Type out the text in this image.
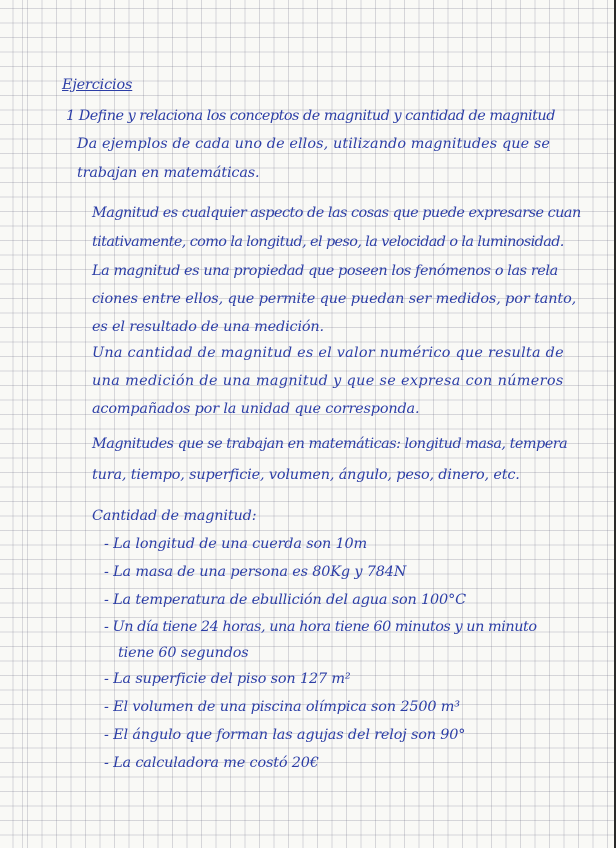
Ejercicios
1 Define y relaciona los conceptos de magnitud y cantidad de magnitud
Da ejemplos de cada uno de ellos, utilizando magnitudes que se
trabajan en matemáticas.
Magnitud es cualquier aspecto de las cosas que puede expresarse cuan
titativamente, como la longitud, el peso, la velocidad o la luminosidad.
La magnitud es una propiedad que poseen los fenómenos o las rela
ciones entre ellos, que permite que puedan ser medidos, por tanto,
es el resultado de una medición.
Una cantidad de magnitud es el valor numérico que resulta de
una medición de una magnitud y que se expresa con números
acompañados por la unidad que corresponda.
Magnitudes que se trabajan en matemáticas: longitud masa, tempera
tura, tiempo, superficie, volumen, ángulo, peso, dinero, etc.
Cantidad de magnitud:
- La longitud de una cuerda son 10m
- La masa de una persona es 80Kg y 784N
- La temperatura de ebullición del agua son 100°C
- Un día tiene 24 horas, una hora tiene 60 minutos y un minuto
tiene 60 segundos
- La superficie del piso son 127 m²
- El volumen de una piscina olímpica son 2500 m³
- El ángulo que forman las agujas del reloj son 90°
- La calculadora me costó 20€
